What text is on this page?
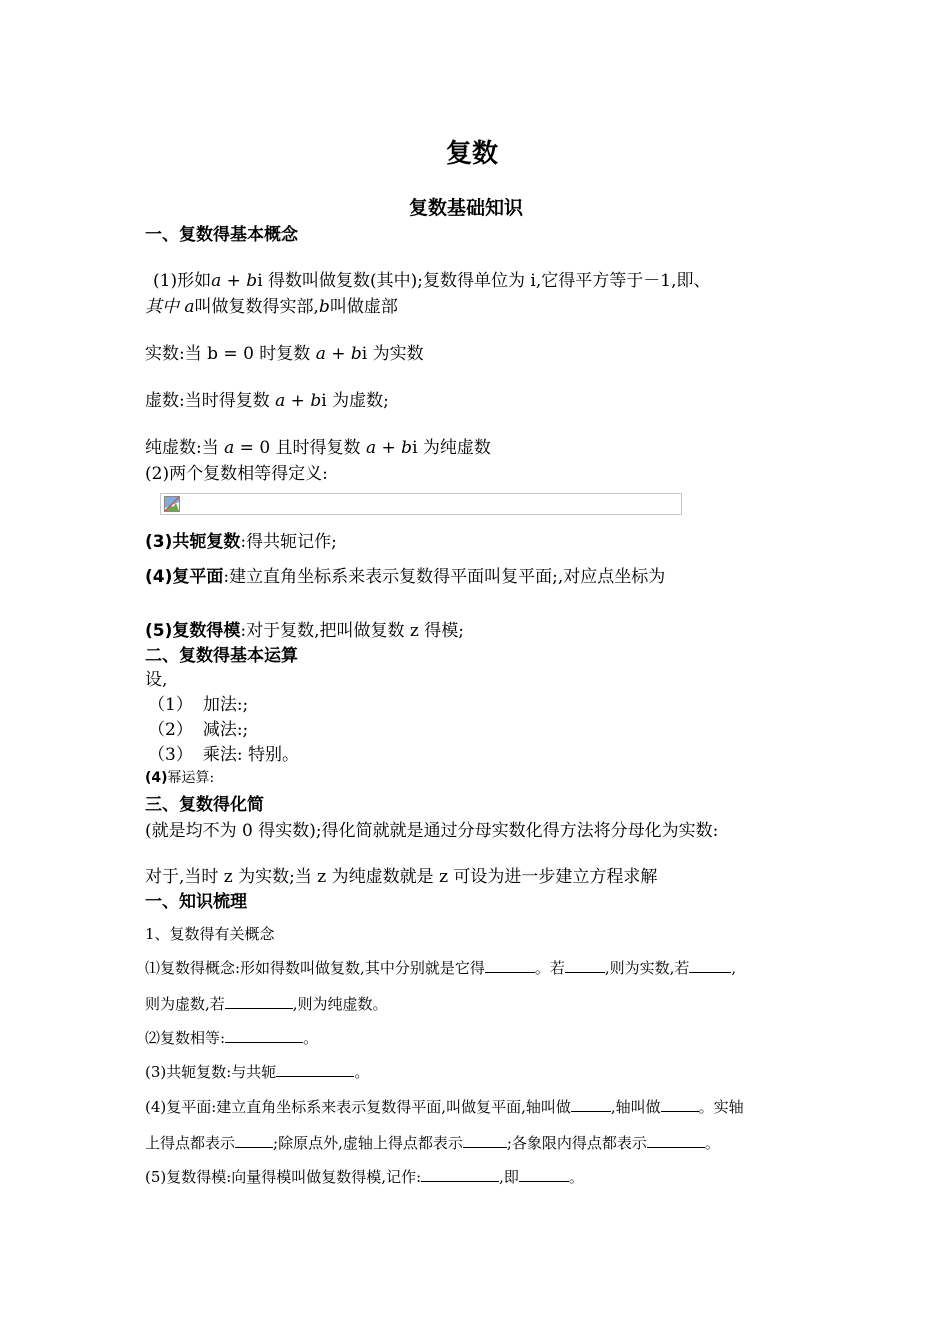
复数
复数基础知识
一、复数得基本概念
(1)形如a + bi 得数叫做复数(其中);复数得单位为 i,它得平方等于－1,即、
其中 a叫做复数得实部,b叫做虚部
实数:当 b = 0 时复数 a + bi 为实数
虚数:当时得复数 a + bi 为虚数;
纯虚数:当 a = 0 且时得复数 a + bi 为纯虚数
(2)两个复数相等得定义:
(3)共轭复数:得共轭记作;
(4)复平面:建立直角坐标系来表示复数得平面叫复平面;,对应点坐标为
(5)复数得模:对于复数,把叫做复数 z 得模;
二、复数得基本运算
设,
（1） 加法:;
（2） 减法:;
（3） 乘法: 特别。
(4)幂运算:
三、复数得化简
(就是均不为 0 得实数);得化简就就是通过分母实数化得方法将分母化为实数:
对于,当时 z 为实数;当 z 为纯虚数就是 z 可设为进一步建立方程求解
一、知识梳理
1、复数得有关概念
⑴复数得概念:形如得数叫做复数,其中分别就是它得	。若	,则为实数,若	,
则为虚数,若	,则为纯虚数。
⑵复数相等:	。
(3)共轭复数:与共轭	。
(4)复平面:建立直角坐标系来表示复数得平面,叫做复平面,轴叫做	,轴叫做	。实轴
上得点都表示	;除原点外,虚轴上得点都表示	;各象限内得点都表示	。
(5)复数得模:向量得模叫做复数得模,记作:	,即	。
